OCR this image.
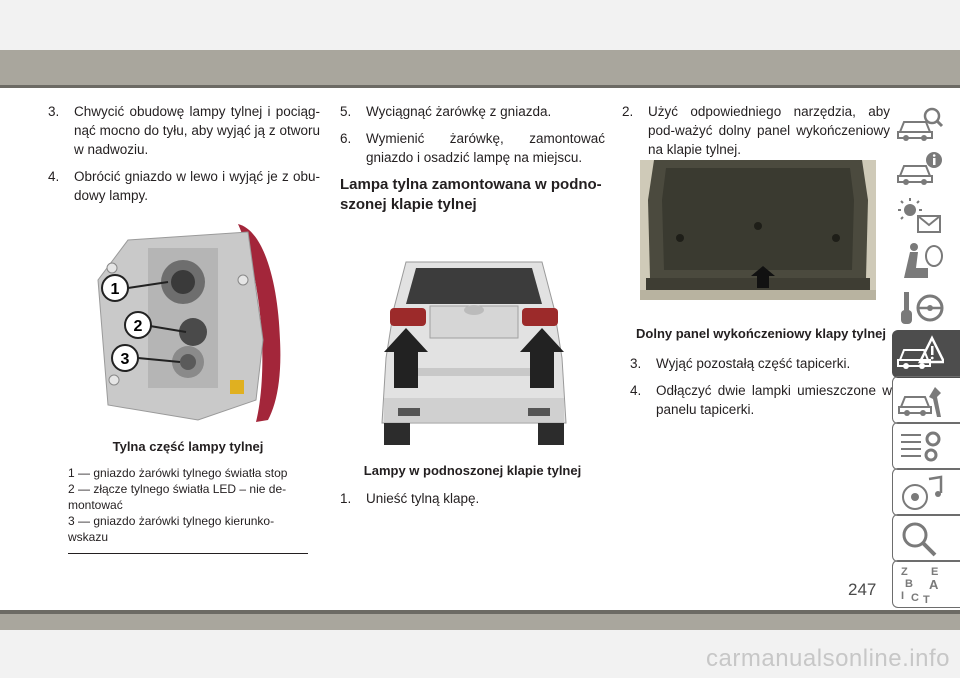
carmanualsonline.info
3.	Chwycić obudowę lampy tylnej i pociąg-nąć mocno do tyłu, aby wyjąć ją z otworu w nadwoziu.
4.	Obrócić gniazdo w lewo i wyjąć je z obu-dowy lampy.
1
2
3
Tylna część lampy tylnej
1 — gniazdo żarówki tylnego światła stop
2 — złącze tylnego światła LED – nie de-montować
3 — gniazdo żarówki tylnego kierunko-wskazu
5.	Wyciągnąć żarówkę z gniazda.
6.	Wymienić żarówkę, zamontować gniazdo i osadzić lampę na miejscu.
Lampa tylna zamontowana w podno-szonej klapie tylnej
Lampy w podnoszonej klapie tylnej
1.	Unieść tylną klapę.
2.	Użyć odpowiedniego narzędzia, aby pod-ważyć dolny panel wykończeniowy na klapie tylnej.
Dolny panel wykończeniowy klapy tylnej
3.	Wyjąć pozostałą część tapicerki.
4.	Odłączyć dwie lampki umieszczone w panelu tapicerki.
Z E
B A
I C T
247
